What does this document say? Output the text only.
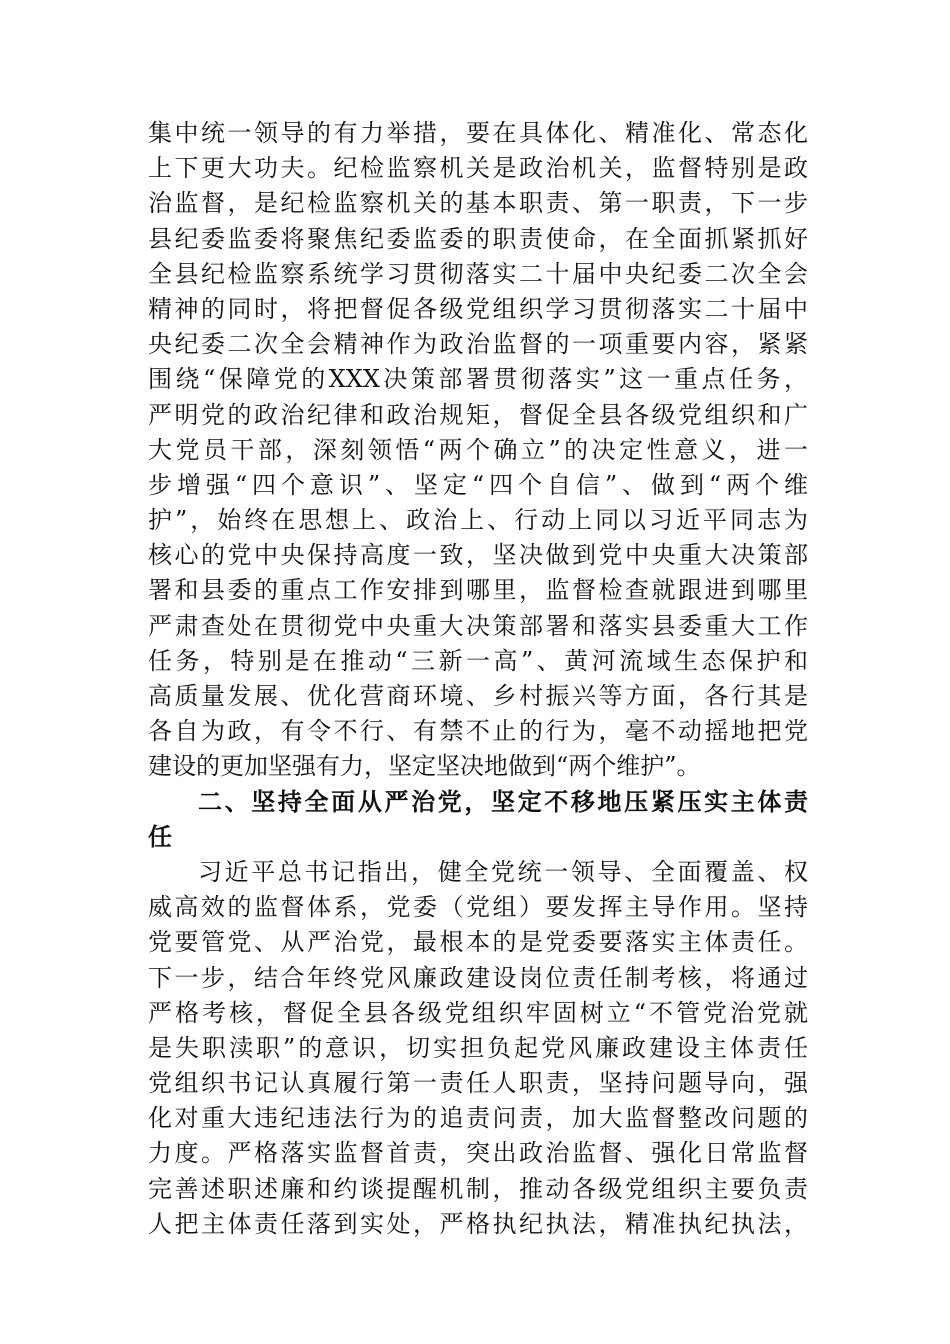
集中统一领导的有力举措，要在具体化、精准化、常态化
上下更大功夫。纪检监察机关是政治机关，监督特别是政
治监督，是纪检监察机关的基本职责、第一职责，下一步
县纪委监委将聚焦纪委监委的职责使命，在全面抓紧抓好
全县纪检监察系统学习贯彻落实二十届中央纪委二次全会
精神的同时，将把督促各级党组织学习贯彻落实二十届中
央纪委二次全会精神作为政治监督的一项重要内容，紧紧
围绕“保障党的XXX决策部署贯彻落实”这一重点任务，
严明党的政治纪律和政治规矩，督促全县各级党组织和广
大党员干部，深刻领悟“两个确立”的决定性意义，进一
步增强“四个意识”、坚定“四个自信”、做到“两个维
护”，始终在思想上、政治上、行动上同以习近平同志为
核心的党中央保持高度一致，坚决做到党中央重大决策部
署和县委的重点工作安排到哪里，监督检查就跟进到哪里
严肃查处在贯彻党中央重大决策部署和落实县委重大工作
任务，特别是在推动“三新一高”、黄河流域生态保护和
高质量发展、优化营商环境、乡村振兴等方面，各行其是
各自为政，有令不行、有禁不止的行为，毫不动摇地把党
建设的更加坚强有力，坚定坚决地做到“两个维护”。
二、坚持全面从严治党，坚定不移地压紧压实主体责
任
习近平总书记指出，健全党统一领导、全面覆盖、权
威高效的监督体系，党委（党组）要发挥主导作用。坚持
党要管党、从严治党，最根本的是党委要落实主体责任。
下一步，结合年终党风廉政建设岗位责任制考核，将通过
严格考核，督促全县各级党组织牢固树立“不管党治党就
是失职渎职”的意识，切实担负起党风廉政建设主体责任
党组织书记认真履行第一责任人职责，坚持问题导向，强
化对重大违纪违法行为的追责问责，加大监督整改问题的
力度。严格落实监督首责，突出政治监督、强化日常监督
完善述职述廉和约谈提醒机制，推动各级党组织主要负责
人把主体责任落到实处，严格执纪执法，精准执纪执法，
